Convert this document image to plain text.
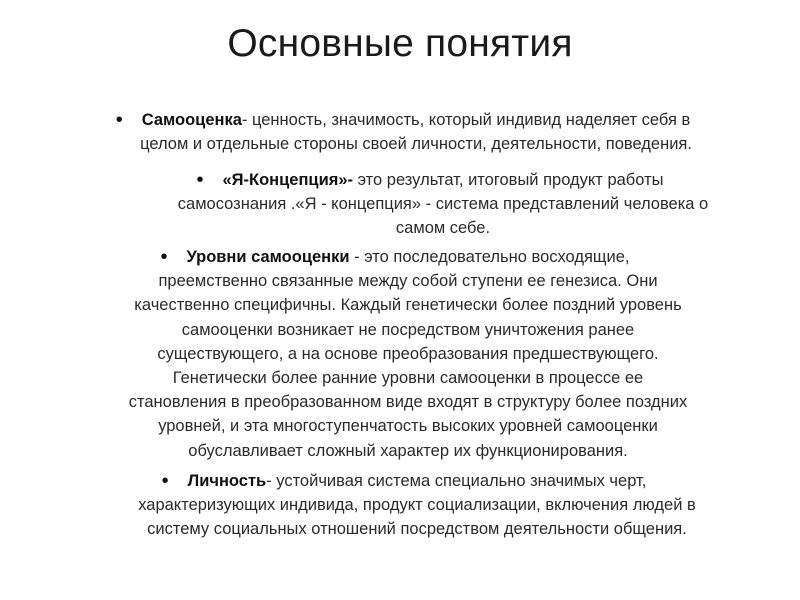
Основные понятия
•	Самооценка- ценность, значимость, который индивид наделяет себя в
целом и отдельные стороны своей личности, деятельности, поведения.
•	«Я-Концепция»- это результат, итоговый продукт работы
самосознания .«Я - концепция» - система представлений человека о
самом себе.
•	Уровни самооценки - это последовательно восходящие,
преемственно связанные между собой ступени ее генезиса. Они
качественно специфичны. Каждый генетически более поздний уровень
самооценки возникает не посредством уничтожения ранее
существующего, а на основе преобразования предшествующего.
Генетически более ранние уровни самооценки в процессе ее
становления в преобразованном виде входят в структуру более поздних
уровней, и эта многоступенчатость высоких уровней самооценки
обуславливает сложный характер их функционирования.
•	Личность- устойчивая система специально значимых черт,
характеризующих индивида, продукт социализации, включения людей в
систему социальных отношений посредством деятельности общения.
